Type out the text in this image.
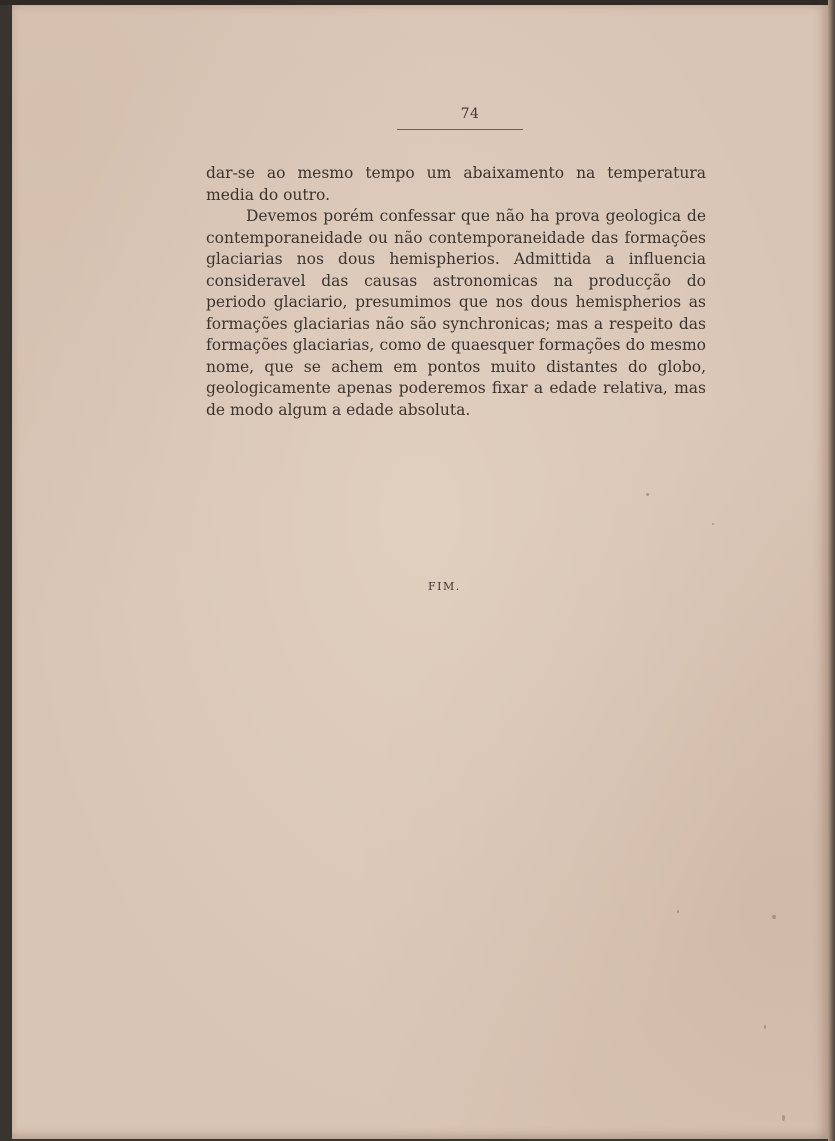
74

dar-se ao mesmo tempo um abaixamento na temperatura media do outro.

Devemos porém confessar que não ha prova geologica de contemporaneidade ou não contemporaneidade das formações glaciarias nos dous hemispherios. Admittida a influencia consideravel das causas astronomicas na producção do periodo glaciario, presumimos que nos dous hemispherios as formações glaciarias não são synchronicas; mas a respeito das formações glaciarias, como de quaesquer formações do mesmo nome, que se achem em pontos muito distantes do globo, geologicamente apenas poderemos fixar a edade relativa, mas de modo algum a edade absoluta.

FIM.
